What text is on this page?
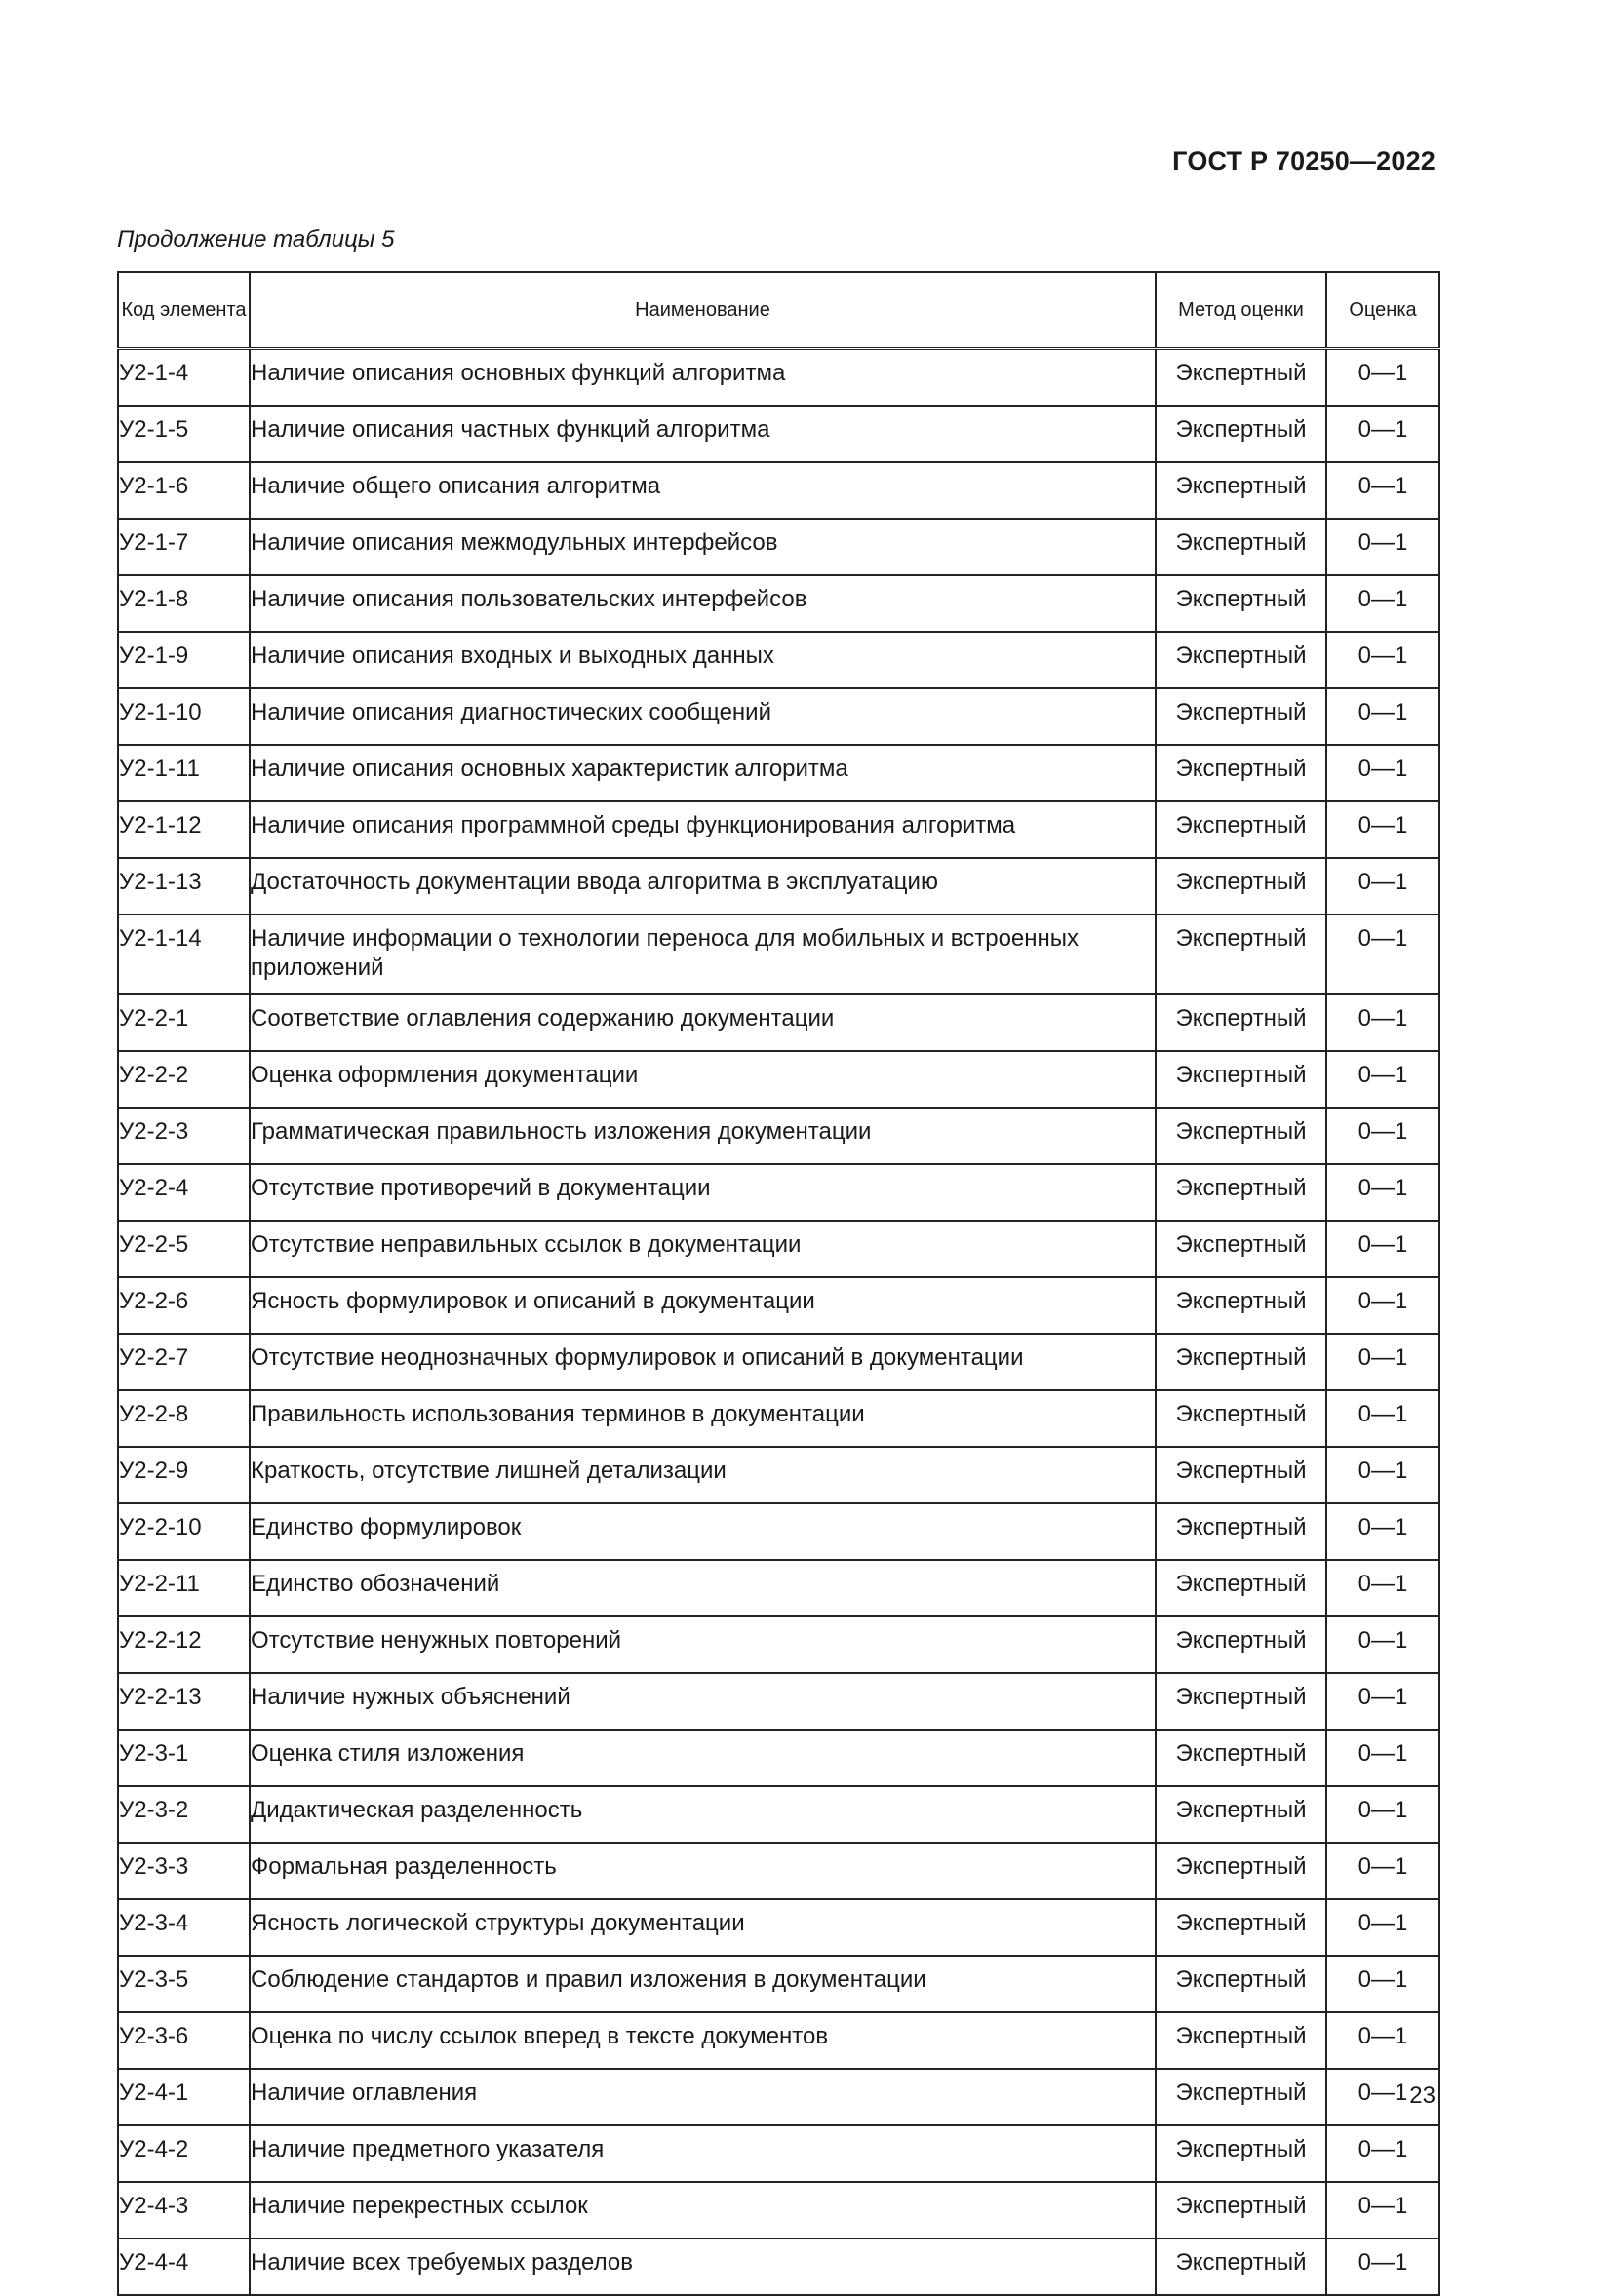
ГОСТ Р 70250—2022
Продолжение таблицы 5
Код элемента	Наименование	Метод оценки	Оценка
У2-1-4	Наличие описания основных функций алгоритма	Экспертный	0—1
У2-1-5	Наличие описания частных функций алгоритма	Экспертный	0—1
У2-1-6	Наличие общего описания алгоритма	Экспертный	0—1
У2-1-7	Наличие описания межмодульных интерфейсов	Экспертный	0—1
У2-1-8	Наличие описания пользовательских интерфейсов	Экспертный	0—1
У2-1-9	Наличие описания входных и выходных данных	Экспертный	0—1
У2-1-10	Наличие описания диагностических сообщений	Экспертный	0—1
У2-1-11	Наличие описания основных характеристик алгоритма	Экспертный	0—1
У2-1-12	Наличие описания программной среды функционирования алгоритма	Экспертный	0—1
У2-1-13	Достаточность документации ввода алгоритма в эксплуатацию	Экспертный	0—1
У2-1-14	Наличие информации о технологии переноса для мобильных и встроенных приложений	Экспертный	0—1
У2-2-1	Соответствие оглавления содержанию документации	Экспертный	0—1
У2-2-2	Оценка оформления документации	Экспертный	0—1
У2-2-3	Грамматическая правильность изложения документации	Экспертный	0—1
У2-2-4	Отсутствие противоречий в документации	Экспертный	0—1
У2-2-5	Отсутствие неправильных ссылок в документации	Экспертный	0—1
У2-2-6	Ясность формулировок и описаний в документации	Экспертный	0—1
У2-2-7	Отсутствие неоднозначных формулировок и описаний в документации	Экспертный	0—1
У2-2-8	Правильность использования терминов в документации	Экспертный	0—1
У2-2-9	Краткость, отсутствие лишней детализации	Экспертный	0—1
У2-2-10	Единство формулировок	Экспертный	0—1
У2-2-11	Единство обозначений	Экспертный	0—1
У2-2-12	Отсутствие ненужных повторений	Экспертный	0—1
У2-2-13	Наличие нужных объяснений	Экспертный	0—1
У2-3-1	Оценка стиля изложения	Экспертный	0—1
У2-3-2	Дидактическая разделенность	Экспертный	0—1
У2-3-3	Формальная разделенность	Экспертный	0—1
У2-3-4	Ясность логической структуры документации	Экспертный	0—1
У2-3-5	Соблюдение стандартов и правил изложения в документации	Экспертный	0—1
У2-3-6	Оценка по числу ссылок вперед в тексте документов	Экспертный	0—1
У2-4-1	Наличие оглавления	Экспертный	0—1
У2-4-2	Наличие предметного указателя	Экспертный	0—1
У2-4-3	Наличие перекрестных ссылок	Экспертный	0—1
У2-4-4	Наличие всех требуемых разделов	Экспертный	0—1
23
